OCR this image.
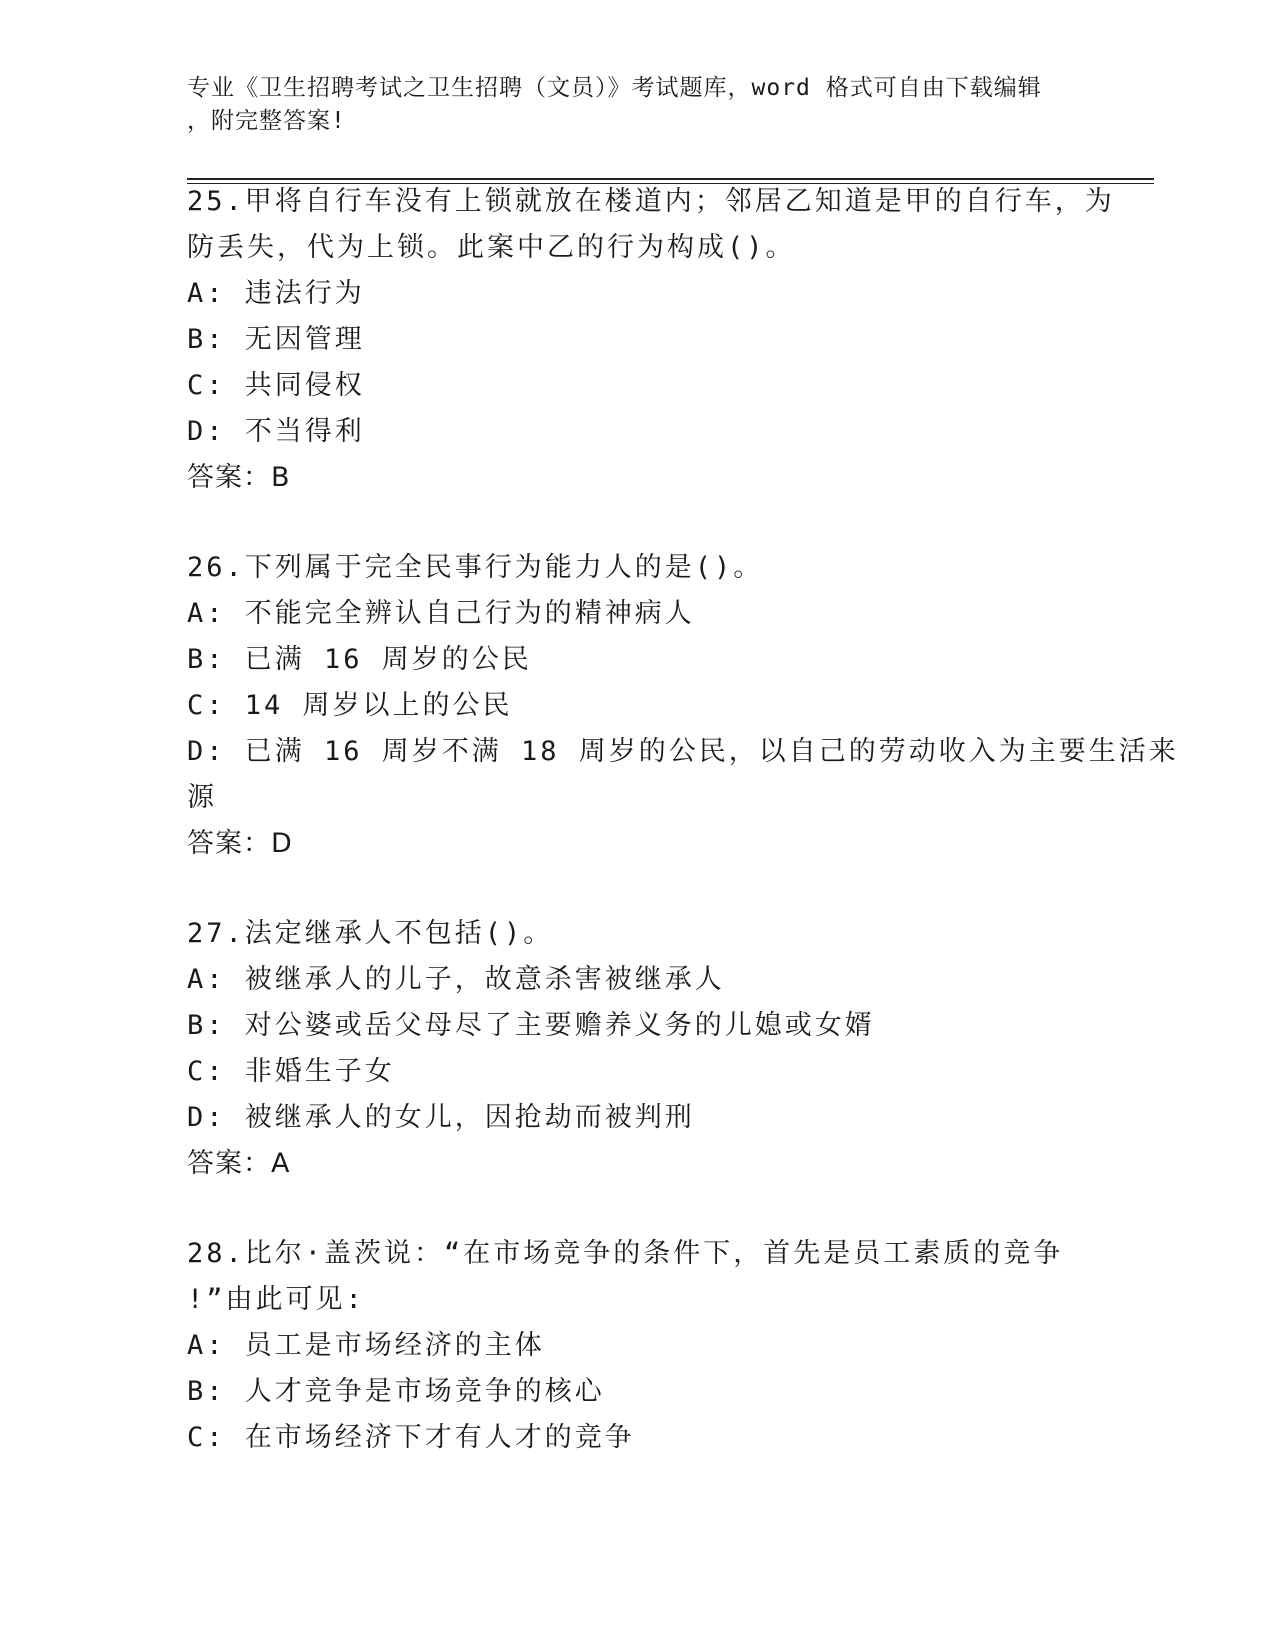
专业《卫生招聘考试之卫生招聘（文员）》考试题库，word 格式可自由下载编辑
，附完整答案!
25.甲将自行车没有上锁就放在楼道内；邻居乙知道是甲的自行车，为
防丢失，代为上锁。此案中乙的行为构成()。
A: 违法行为
B: 无因管理
C: 共同侵权
D: 不当得利
答案：B
26.下列属于完全民事行为能力人的是()。
A: 不能完全辨认自己行为的精神病人
B: 已满 16 周岁的公民
C: 14 周岁以上的公民
D: 已满 16 周岁不满 18 周岁的公民，以自己的劳动收入为主要生活来
源
答案：D
27.法定继承人不包括()。
A: 被继承人的儿子，故意杀害被继承人
B: 对公婆或岳父母尽了主要赡养义务的儿媳或女婿
C: 非婚生子女
D: 被继承人的女儿，因抢劫而被判刑
答案：A
28.比尔·盖茨说：“在市场竞争的条件下，首先是员工素质的竞争
!”由此可见:
A: 员工是市场经济的主体
B: 人才竞争是市场竞争的核心
C: 在市场经济下才有人才的竞争
